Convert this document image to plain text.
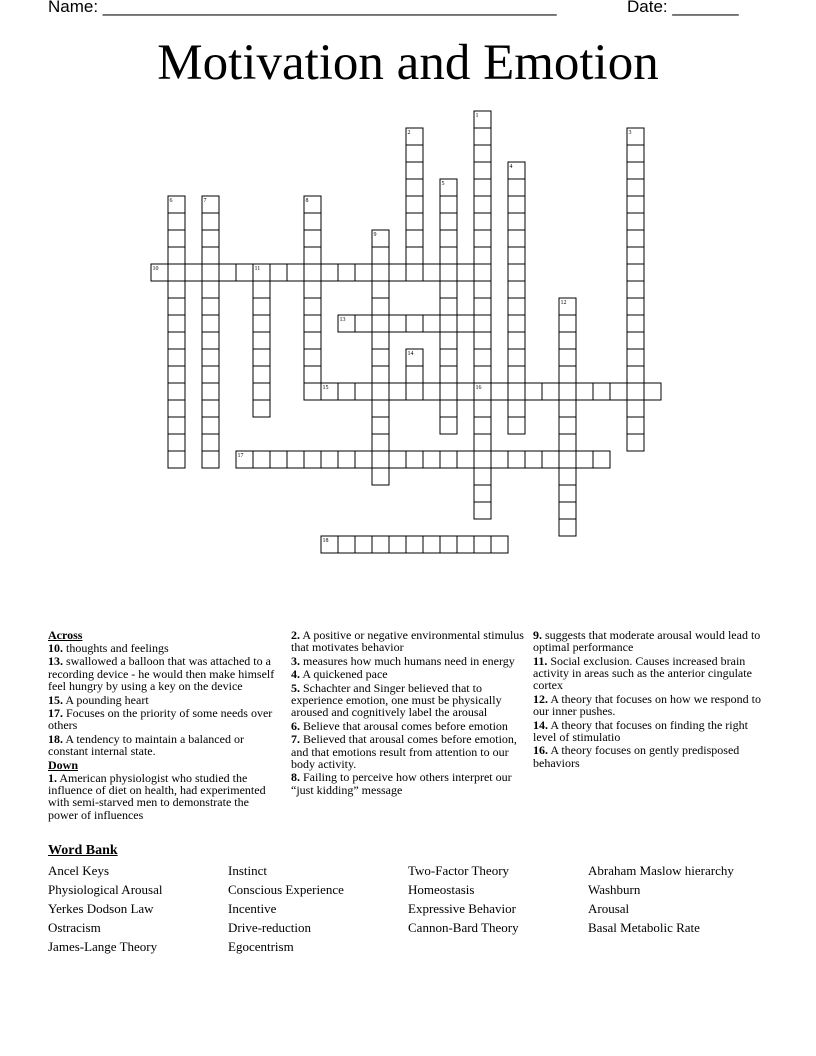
Name: ________________________________________________	Date: _______
Motivation and Emotion
1
2	3
4
5
6	7	8
9
10	11
12
13
14
15	16
17
18
Across

10. thoughts and feelings

13. swallowed a balloon that was attached to a recording device - he would then make himself feel hungry by using a key on the device

15. A pounding heart

17. Focuses on the priority of some needs over others

18. A tendency to maintain a balanced or constant internal state.

Down

1. American physiologist who studied the influence of diet on health, had experimented with semi-starved men to demonstrate the power of influences

2. A positive or negative environmental stimulus that motivates behavior

3. measures how much humans need in energy

4. A quickened pace

5. Schachter and Singer believed that to experience emotion, one must be physically aroused and cognitively label the arousal

6. Believe that arousal comes before emotion

7. Believed that arousal comes before emotion, and that emotions result from attention to our body activity.

8. Failing to perceive how others interpret our “just kidding” message

9. suggests that moderate arousal would lead to optimal performance

11. Social exclusion. Causes increased brain activity in areas such as the anterior cingulate cortex

12. A theory that focuses on how we respond to our inner pushes.

14. A theory that focuses on finding the right level of stimulatio

16. A theory focuses on gently predisposed behaviors

Word Bank
Ancel Keys
Physiological Arousal
Yerkes Dodson Law
Ostracism
James-Lange Theory
Instinct
Conscious Experience
Incentive
Drive-reduction
Egocentrism
Two-Factor Theory
Homeostasis
Expressive Behavior
Cannon-Bard Theory
Abraham Maslow hierarchy
Washburn
Arousal
Basal Metabolic Rate
